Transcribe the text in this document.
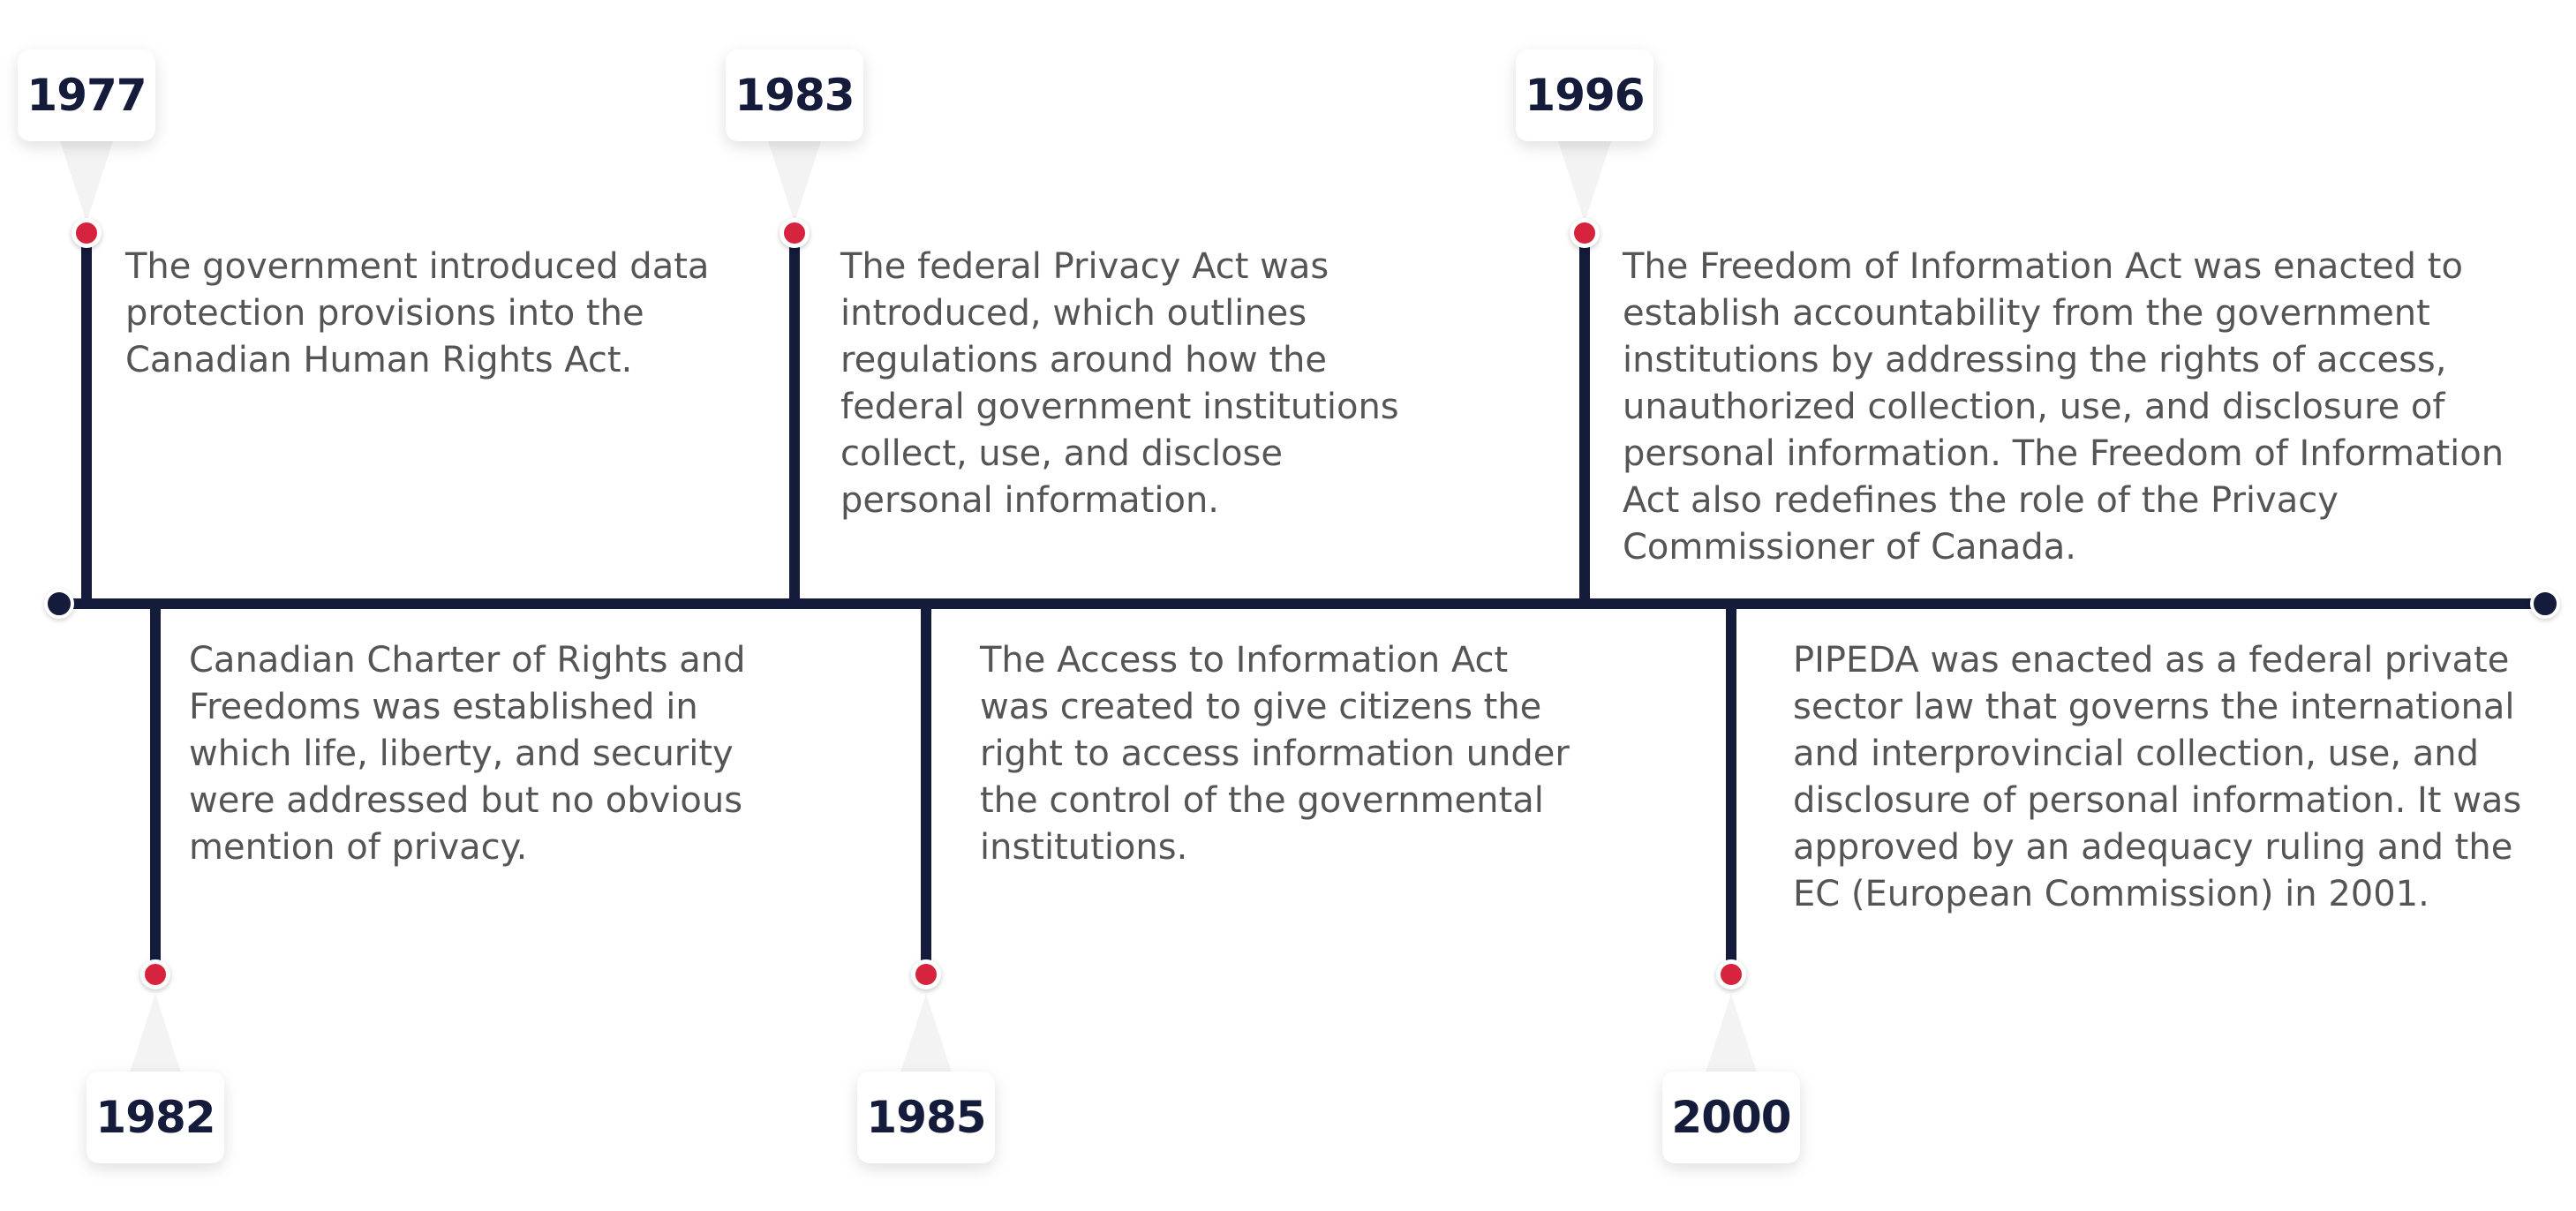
1977

The government introduced data protection provisions into the Canadian Human Rights Act.

1983

The federal Privacy Act was introduced, which outlines regulations around how the federal government institutions collect, use, and disclose personal information.

1996

The Freedom of Information Act was enacted to establish accountability from the government institutions by addressing the rights of access, unauthorized collection, use, and disclosure of personal information. The Freedom of Information Act also redefines the role of the Privacy Commissioner of Canada.

1982

Canadian Charter of Rights and Freedoms was established in which life, liberty, and security were addressed but no obvious mention of privacy.

1985

The Access to Information Act was created to give citizens the right to access information under the control of the governmental institutions.

2000

PIPEDA was enacted as a federal private sector law that governs the international and interprovincial collection, use, and disclosure of personal information. It was approved by an adequacy ruling and the EC (European Commission) in 2001.
